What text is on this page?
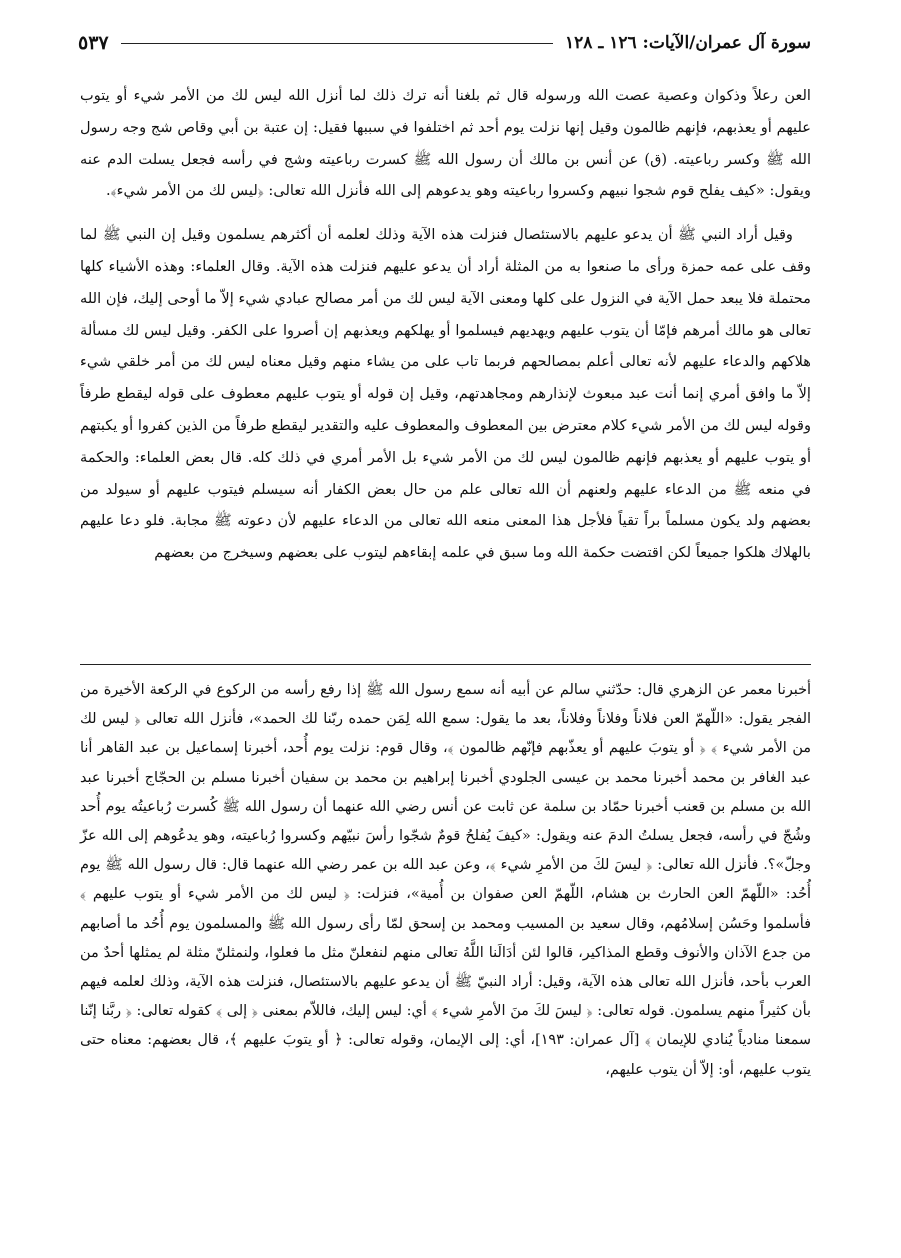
سورة آل عمران/الآيات: ١٢٦ ـ ١٢٨
٥٣٧

العن رعلاً وذكوان وعصية عصت الله ورسوله قال ثم بلغنا أنه ترك ذلك لما أنزل الله ليس لك من الأمر شيء أو يتوب عليهم أو يعذبهم، فإنهم ظالمون وقيل إنها نزلت يوم أحد ثم اختلفوا في سببها فقيل: إن عتبة بن أبي وقاص شج وجه رسول الله ﷺ وكسر رباعيته. (ق) عن أنس بن مالك أن رسول الله ﷺ كسرت رباعيته وشج في رأسه فجعل يسلت الدم عنه ويقول: «كيف يفلح قوم شجوا نبيهم وكسروا رباعيته وهو يدعوهم إلى الله فأنزل الله تعالى: ﴿ليس لك من الأمر شيء﴾.

وقيل أراد النبي ﷺ أن يدعو عليهم بالاستئصال فنزلت هذه الآية وذلك لعلمه أن أكثرهم يسلمون وقيل إن النبي ﷺ لما وقف على عمه حمزة ورأى ما صنعوا به من المثلة أراد أن يدعو عليهم فنزلت هذه الآية. وقال العلماء: وهذه الأشياء كلها محتملة فلا يبعد حمل الآية في النزول على كلها ومعنى الآية ليس لك من أمر مصالح عبادي شيء إلاّ ما أوحى إليك، فإن الله تعالى هو مالك أمرهم فإمّا أن يتوب عليهم ويهديهم فيسلموا أو يهلكهم ويعذبهم إن أصروا على الكفر. وقيل ليس لك مسألة هلاكهم والدعاء عليهم لأنه تعالى أعلم بمصالحهم فربما تاب على من يشاء منهم وقيل معناه ليس لك من أمر خلقي شيء إلاّ ما وافق أمري إنما أنت عبد مبعوث لإنذارهم ومجاهدتهم، وقيل إن قوله أو يتوب عليهم معطوف على قوله ليقطع طرفاً وقوله ليس لك من الأمر شيء كلام معترض بين المعطوف والمعطوف عليه والتقدير ليقطع طرفاً من الذين كفروا أو يكبتهم أو يتوب عليهم أو يعذبهم فإنهم ظالمون ليس لك من الأمر شيء بل الأمر أمري في ذلك كله. قال بعض العلماء: والحكمة في منعه ﷺ من الدعاء عليهم ولعنهم أن الله تعالى علم من حال بعض الكفار أنه سيسلم فيتوب عليهم أو سيولد من بعضهم ولد يكون مسلماً براً تقياً فلأجل هذا المعنى منعه الله تعالى من الدعاء عليهم لأن دعوته ﷺ مجابة. فلو دعا عليهم بالهلاك هلكوا جميعاً لكن اقتضت حكمة الله وما سبق في علمه إبقاءهم ليتوب على بعضهم وسيخرج من بعضهم

أخبرنا معمر عن الزهري قال: حدّثني سالم عن أبيه أنه سمع رسول الله ﷺ إذا رفع رأسه من الركوع في الركعة الأخيرة من الفجر يقول: «اللّهمّ العن فلاناً وفلاناً وفلاناً، بعد ما يقول: سمع الله لِمَن حمده ربّنا لك الحمد»، فأنزل الله تعالى ﴿ ليس لك من الأمر شيء ﴾ ﴿ أو يتوبَ عليهم أو يعذّبهم فإنّهم ظالمون ﴾، وقال قوم: نزلت يوم أُحد، أخبرنا إسماعيل بن عبد القاهر أنا عبد الغافر بن محمد أخبرنا محمد بن عيسى الجلودي أخبرنا إبراهيم بن محمد بن سفيان أخبرنا مسلم بن الحجّاج أخبرنا عبد الله بن مسلم بن قعنب أخبرنا حمّاد بن سلمة عن ثابت عن أنس رضي الله عنهما أن رسول الله ﷺ كُسرت رُباعيتُه يوم أُحد وشُجّ في رأسه، فجعل يسلتُ الدمَ عنه ويقول: «كيفَ يُفلحُ قومٌ شجّوا رأسَ نبيّهم وكسروا رُباعيته، وهو يدعُوهم إلى الله عزّ وجلّ»؟. فأنزل الله تعالى: ﴿ ليسَ لكَ من الأمرِ شيء ﴾، وعن عبد الله بن عمر رضي الله عنهما قال: قال رسول الله ﷺ يوم أُحُد: «اللّهمّ العن الحارث بن هشام، اللّهمّ العن صفوان بن أُمية»، فنزلت: ﴿ ليس لك من الأمر شيء أو يتوب عليهم ﴾ فأسلموا وحَسُن إسلامُهم، وقال سعيد بن المسيب ومحمد بن إسحق لمّا رأى رسول الله ﷺ والمسلمون يوم أُحُد ما أصابهم من جدع الآذان والأنوف وقطع المذاكير، قالوا لئن أدَالَنا اللَّهُ تعالى منهم لنفعلنّ مثل ما فعلوا، ولنمثلنّ مثلة لم يمثلها أحدٌ من العرب بأحد، فأنزل الله تعالى هذه الآية، وقيل: أراد النبيّ ﷺ أن يدعو عليهم بالاستئصال، فنزلت هذه الآية، وذلك لعلمه فيهم بأن كثيراً منهم يسلمون. قوله تعالى: ﴿ ليسَ لكَ منَ الأمرِ شيء ﴾ أي: ليس إليك، فاللاّم بمعنى ﴿ إلى ﴾ كقوله تعالى: ﴿ ربَّنا إنّنا سمعنا منادياً يُنادي للإيمان ﴾ [آل عمران: ١٩٣]، أي: إلى الإيمان، وقوله تعالى: ﴿ أو يتوبَ عليهم ﴾، قال بعضهم: معناه حتى يتوب عليهم، أو: إلاّ أن يتوب عليهم،
